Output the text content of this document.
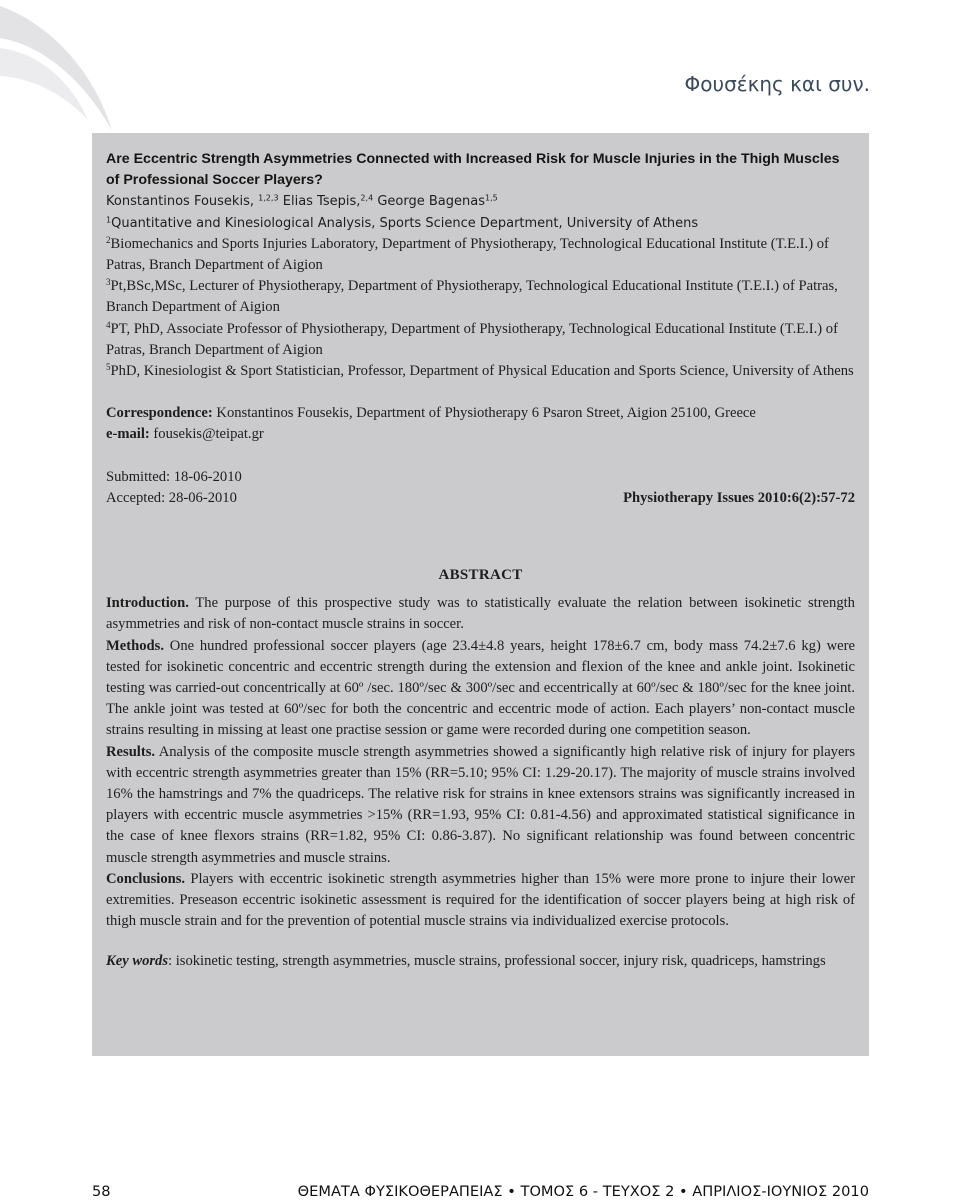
Φουσέκης και συν.

Are Eccentric Strength Asymmetries Connected with Increased Risk for Muscle Injuries in the Thigh Muscles of Professional Soccer Players?

Konstantinos Fousekis, $^{1,2,3}$ Elias Tsepis,$^{2,4}$ George Bagenas$^{1,5}$

$^1$Quantitative and Kinesiological Analysis, Sports Science Department, University of Athens

$^2$Biomechanics and Sports Injuries Laboratory, Department of Physiotherapy, Technological Educational Institute (T.E.I.) of Patras, Branch Department of Aigion

$^3$Pt,BSc,MSc, Lecturer of Physiotherapy, Department of Physiotherapy, Technological Educational Institute (T.E.I.) of Patras, Branch Department of Aigion

$^4$PT, PhD, Associate Professor of Physiotherapy, Department of Physiotherapy, Technological Educational Institute (T.E.I.) of Patras, Branch Department of Aigion

$^5$PhD, Kinesiologist & Sport Statistician, Professor, Department of Physical Education and Sports Science, University of Athens

Correspondence: Konstantinos Fousekis, Department of Physiotherapy 6 Psaron Street, Aigion 25100, Greece

e-mail: fousekis@teipat.gr

Submitted: 18-06-2010

Accepted: 28-06-2010	Physiotherapy Issues 2010:6(2):57-72

ABSTRACT

Introduction. The purpose of this prospective study was to statistically evaluate the relation between isokinetic strength asymmetries and risk of non-contact muscle strains in soccer.

Methods. One hundred professional soccer players (age 23.4±4.8 years, height 178±6.7 cm, body mass 74.2±7.6 kg) were tested for isokinetic concentric and eccentric strength during the extension and flexion of the knee and ankle joint. Isokinetic testing was carried-out concentrically at 60º /sec. 180º/sec & 300º/sec and eccentrically at 60º/sec & 180º/sec for the knee joint. The ankle joint was tested at 60º/sec for both the concentric and eccentric mode of action. Each players’ non-contact muscle strains resulting in missing at least one practise session or game were recorded during one competition season.

Results. Analysis of the composite muscle strength asymmetries showed a significantly high relative risk of injury for players with eccentric strength asymmetries greater than 15% (RR=5.10; 95% CI: 1.29-20.17). The majority of muscle strains involved 16% the hamstrings and 7% the quadriceps. The relative risk for strains in knee extensors strains was significantly increased in players with eccentric muscle asymmetries >15% (RR=1.93, 95% CI: 0.81-4.56) and approximated statistical significance in the case of knee flexors strains (RR=1.82, 95% CI: 0.86-3.87). No significant relationship was found between concentric muscle strength asymmetries and muscle strains.

Conclusions. Players with eccentric isokinetic strength asymmetries higher than 15% were more prone to injure their lower extremities. Preseason eccentric isokinetic assessment is required for the identification of soccer players being at high risk of thigh muscle strain and for the prevention of potential muscle strains via individualized exercise protocols.

Key words: isokinetic testing, strength asymmetries, muscle strains, professional soccer, injury risk, quadriceps, hamstrings

58	ΘΕΜΑΤΑ ΦΥΣΙΚΟΘΕΡΑΠΕΙΑΣ • ΤΟΜΟΣ 6 - ΤΕΥΧΟΣ 2 • ΑΠΡΙΛΙΟΣ-ΙΟΥΝΙΟΣ 2010
